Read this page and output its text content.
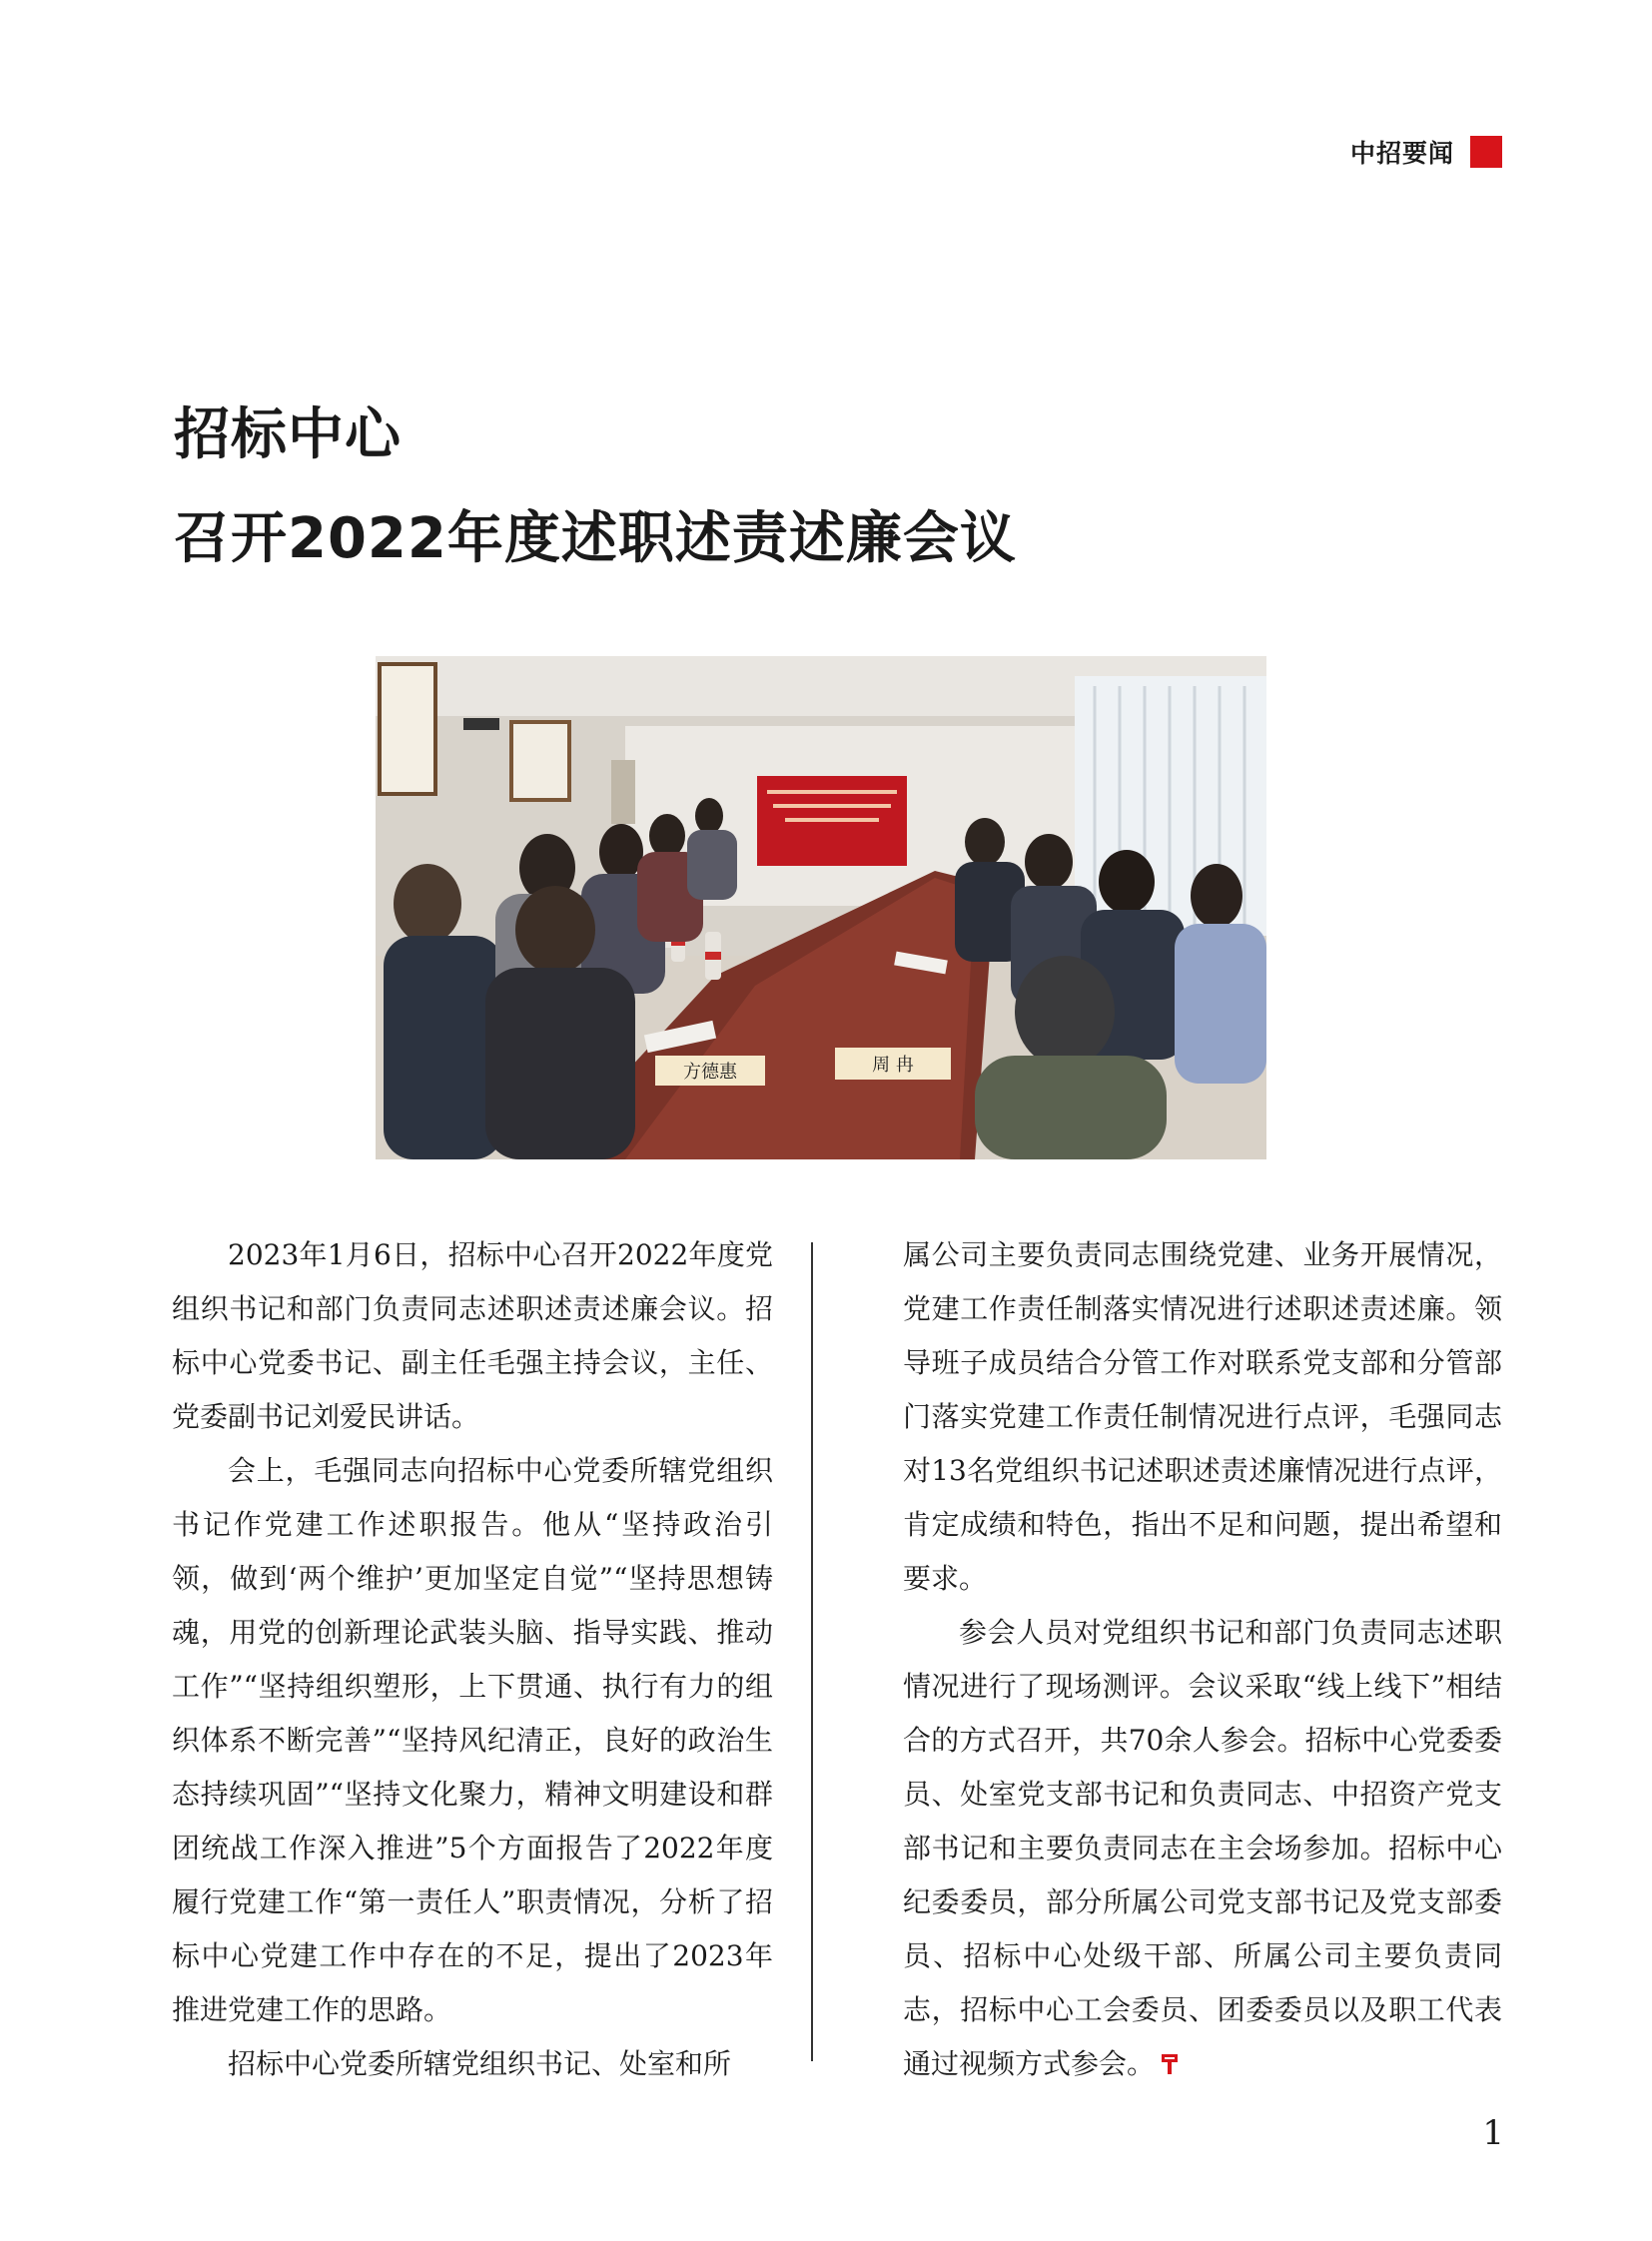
中招要闻
招标中心
召开2022年度述职述责述廉会议
方德惠	周 冉

2023年1月6日，招标中心召开2022年度党组织书记和部门负责同志述职述责述廉会议。招标中心党委书记、副主任毛强主持会议，主任、党委副书记刘爱民讲话。

会上，毛强同志向招标中心党委所辖党组织书记作党建工作述职报告。他从“坚持政治引领，做到‘两个维护’更加坚定自觉”“坚持思想铸魂，用党的创新理论武装头脑、指导实践、推动工作”“坚持组织塑形，上下贯通、执行有力的组织体系不断完善”“坚持风纪清正，良好的政治生态持续巩固”“坚持文化聚力，精神文明建设和群团统战工作深入推进”5个方面报告了2022年度履行党建工作“第一责任人”职责情况，分析了招标中心党建工作中存在的不足，提出了2023年推进党建工作的思路。

招标中心党委所辖党组织书记、处室和所

属公司主要负责同志围绕党建、业务开展情况，党建工作责任制落实情况进行述职述责述廉。领导班子成员结合分管工作对联系党支部和分管部门落实党建工作责任制情况进行点评，毛强同志对13名党组织书记述职述责述廉情况进行点评，肯定成绩和特色，指出不足和问题，提出希望和要求。

参会人员对党组织书记和部门负责同志述职情况进行了现场测评。会议采取“线上线下”相结合的方式召开，共70余人参会。招标中心党委委员、处室党支部书记和负责同志、中招资产党支部书记和主要负责同志在主会场参加。招标中心纪委委员，部分所属公司党支部书记及党支部委员、招标中心处级干部、所属公司主要负责同志，招标中心工会委员、团委委员以及职工代表通过视频方式参会。

1
